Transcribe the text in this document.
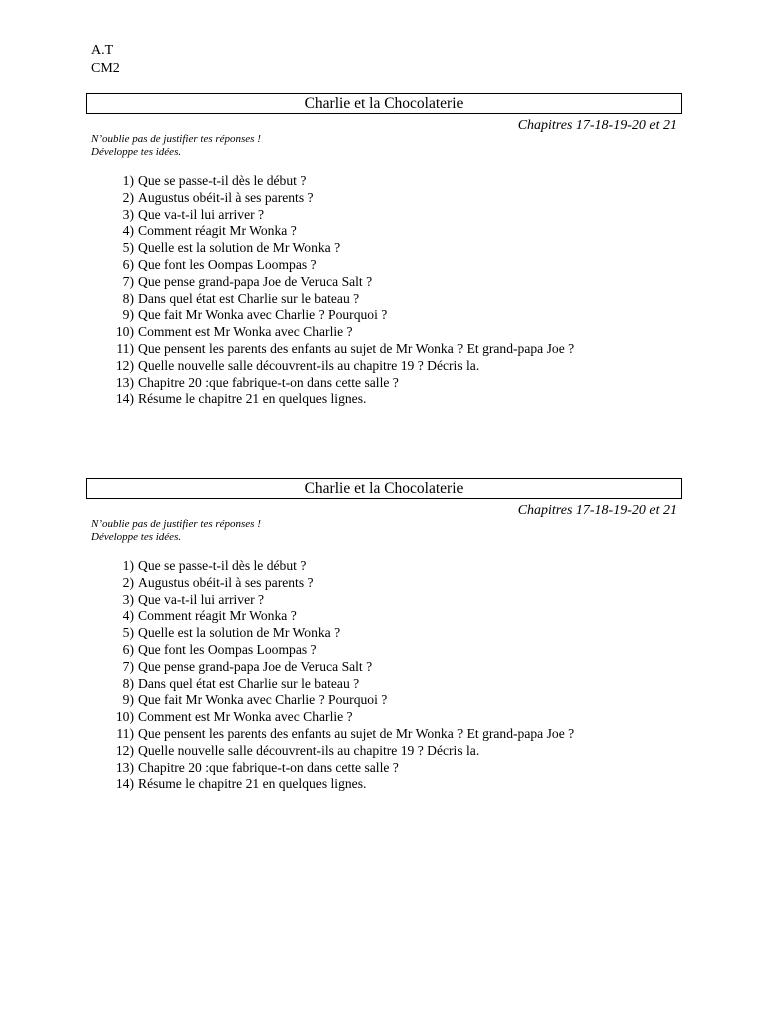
A.T
CM2
Charlie et la Chocolaterie
Chapitres 17-18-19-20 et 21
N’oublie pas de justifier tes réponses !
Développe tes idées.
1) Que se passe-t-il dès le début ?
2) Augustus obéit-il à ses parents ?
3) Que va-t-il lui arriver ?
4) Comment réagit Mr Wonka ?
5) Quelle est la solution de Mr Wonka ?
6) Que font les Oompas Loompas ?
7) Que pense grand-papa Joe de Veruca Salt ?
8) Dans quel état est Charlie sur le bateau ?
9) Que fait Mr Wonka avec Charlie ? Pourquoi ?
10) Comment est Mr Wonka avec Charlie ?
11) Que pensent les parents des enfants au sujet de Mr Wonka ? Et grand-papa Joe ?
12) Quelle nouvelle salle découvrent-ils au chapitre 19 ? Décris la.
13) Chapitre 20 :que fabrique-t-on dans cette salle ?
14) Résume le chapitre 21 en quelques lignes.
Charlie et la Chocolaterie
Chapitres 17-18-19-20 et 21
N’oublie pas de justifier tes réponses !
Développe tes idées.
1) Que se passe-t-il dès le début ?
2) Augustus obéit-il à ses parents ?
3) Que va-t-il lui arriver ?
4) Comment réagit Mr Wonka ?
5) Quelle est la solution de Mr Wonka ?
6) Que font les Oompas Loompas ?
7) Que pense grand-papa Joe de Veruca Salt ?
8) Dans quel état est Charlie sur le bateau ?
9) Que fait Mr Wonka avec Charlie ? Pourquoi ?
10) Comment est Mr Wonka avec Charlie ?
11) Que pensent les parents des enfants au sujet de Mr Wonka ? Et grand-papa Joe ?
12) Quelle nouvelle salle découvrent-ils au chapitre 19 ? Décris la.
13) Chapitre 20 :que fabrique-t-on dans cette salle ?
14) Résume le chapitre 21 en quelques lignes.
